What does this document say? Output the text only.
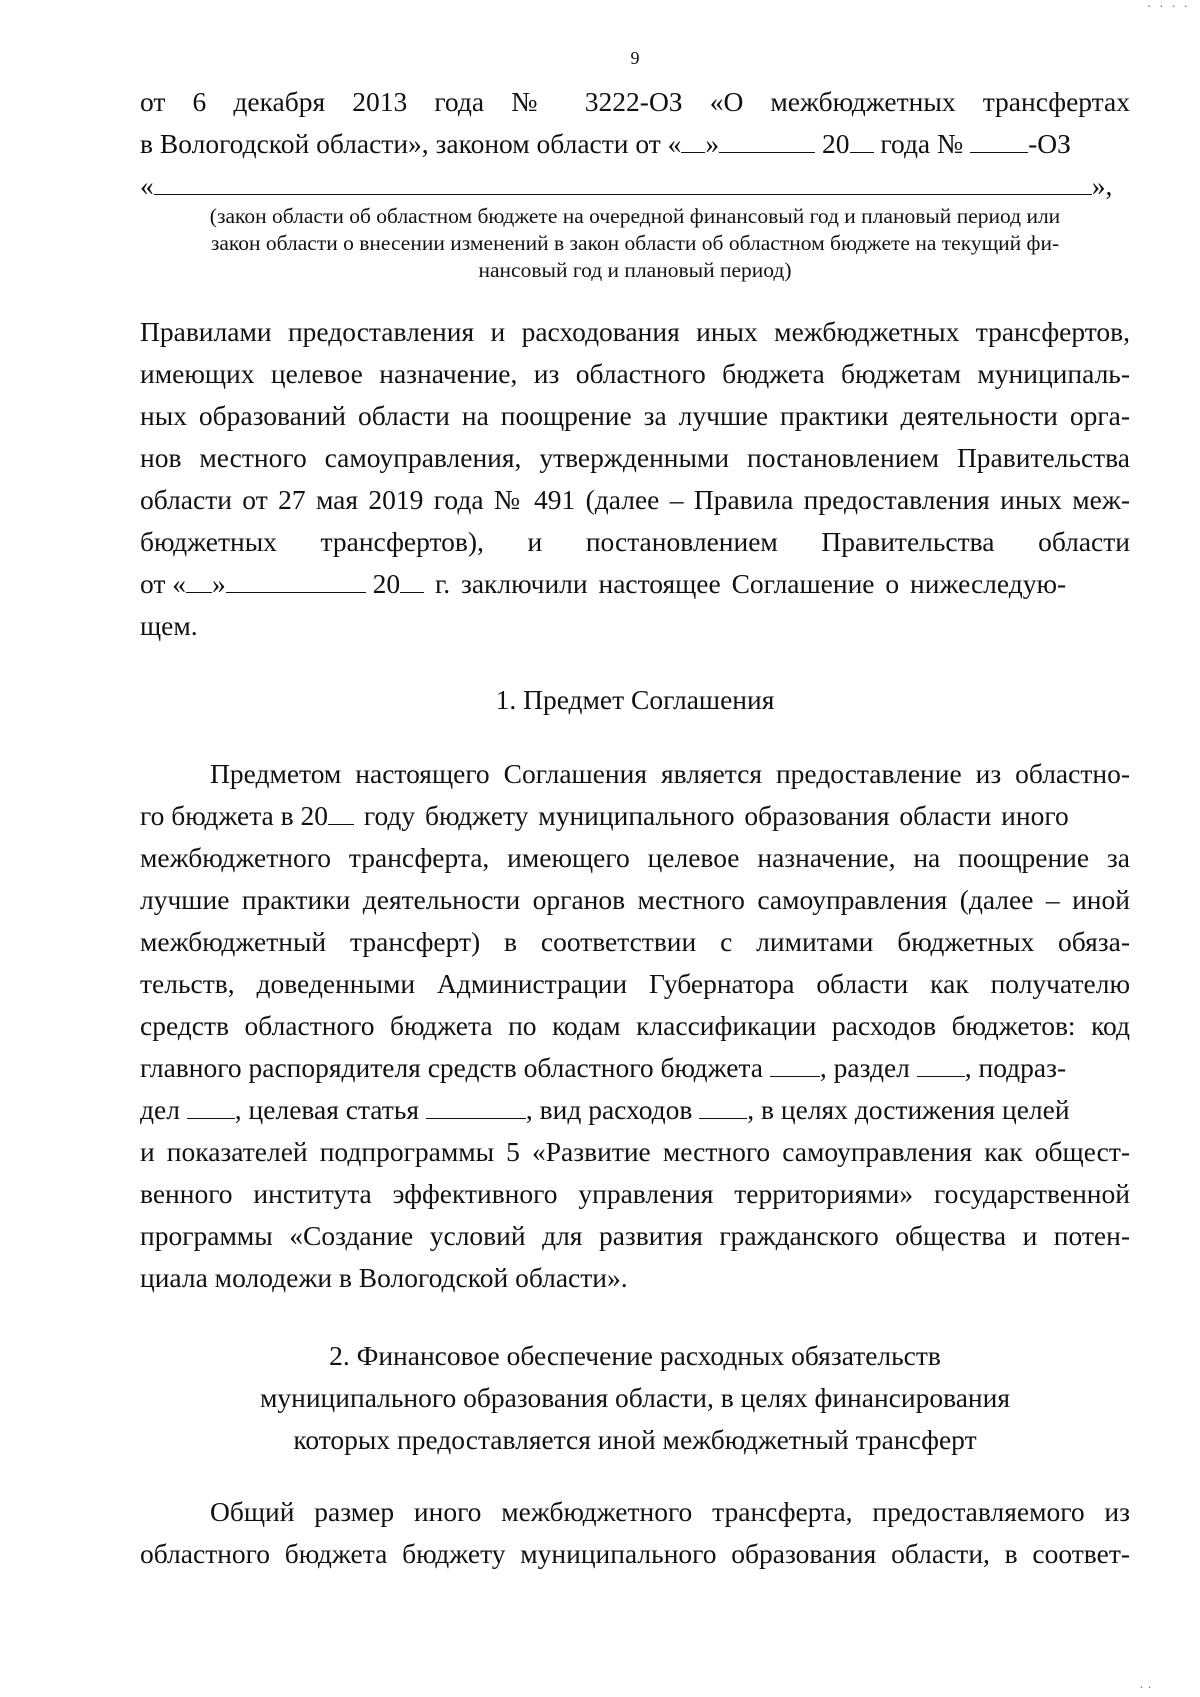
· · · ·
9
от 6 декабря 2013 года № 3222-ОЗ «О межбюджетных трансфертах
в Вологодской области», законом области от « »	20 года № -ОЗ
«	»,
(закон области об областном бюджете на очередной финансовый год и плановый период или
закон области о внесении изменений в закон области об областном бюджете на текущий фи-
нансовый год и плановый период)
Правилами предоставления и расходования иных межбюджетных трансфертов,
имеющих целевое назначение, из областного бюджета бюджетам муниципаль-
ных образований области на поощрение за лучшие практики деятельности орга-
нов местного самоуправления, утвержденными постановлением Правительства
области от 27 мая 2019 года № 491 (далее – Правила предоставления иных меж-
бюджетных трансфертов), и постановлением Правительства области
от « »	20 г. заключили настоящее Соглашение о нижеследую-
щем.
1. Предмет Соглашения
Предметом настоящего Соглашения является предоставление из областно-
го бюджета в 20 году бюджету муниципального образования области иного
межбюджетного трансферта, имеющего целевое назначение, на поощрение за
лучшие практики деятельности органов местного самоуправления (далее – иной
межбюджетный трансферт) в соответствии с лимитами бюджетных обяза-
тельств, доведенными Администрации Губернатора области как получателю
средств областного бюджета по кодам классификации расходов бюджетов: код
главного распорядителя средств областного бюджета , раздел , подраз-
дел , целевая статья	, вид расходов , в целях достижения целей
и показателей подпрограммы 5 «Развитие местного самоуправления как общест-
венного института эффективного управления территориями» государственной
программы «Создание условий для развития гражданского общества и потен-
циала молодежи в Вологодской области».
2. Финансовое обеспечение расходных обязательств
муниципального образования области, в целях финансирования
которых предоставляется иной межбюджетный трансферт
Общий размер иного межбюджетного трансферта, предоставляемого из
областного бюджета бюджету муниципального образования области, в соответ-
· ·
